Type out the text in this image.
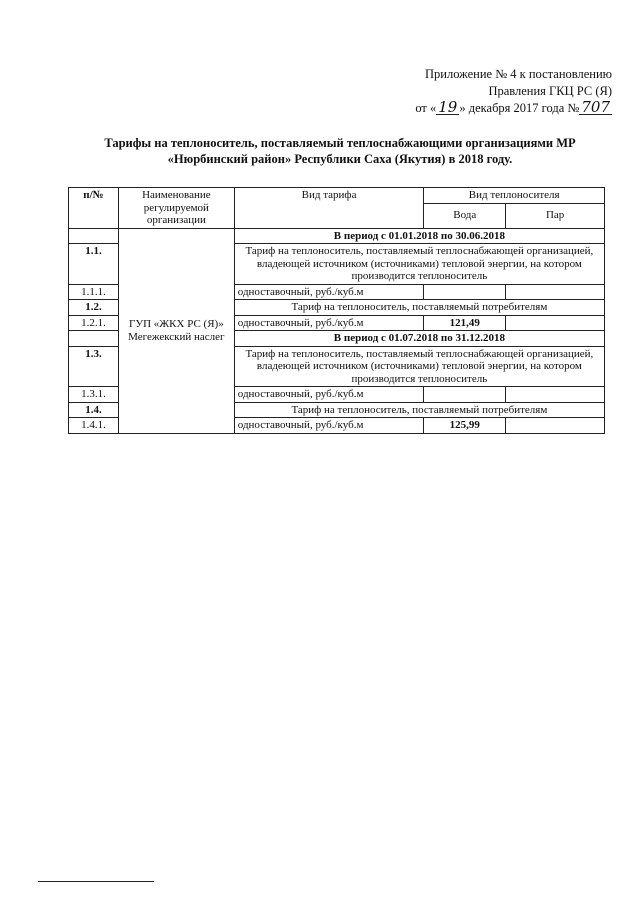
Приложение № 4 к постановлению
Правления ГКЦ РС (Я)
от « 19 » декабря 2017 года № 707
Тарифы на теплоноситель, поставляемый теплоснабжающими организациями МР
«Нюрбинский район» Республики Саха (Якутия) в 2018 году.
п/№	Наименование регулируемой организации	Вид тарифа	Вид теплоносителя	
			Вода	Пар
	ГУП «ЖКХ РС (Я)» Мегежекский наслег	В период с 01.01.2018 по 30.06.2018		
1.1.		Тариф на теплоноситель, поставляемый теплоснабжающей организацией, владеющей источником (источниками) тепловой энергии, на котором производится теплоноситель		
1.1.1.		одноставочный, руб./куб.м		
1.2.		Тариф на теплоноситель, поставляемый потребителям		
1.2.1.		одноставочный, руб./куб.м	121,49	
		В период с 01.07.2018 по 31.12.2018		
1.3.		Тариф на теплоноситель, поставляемый теплоснабжающей организацией, владеющей источником (источниками) тепловой энергии, на котором производится теплоноситель		
1.3.1.		одноставочный, руб./куб.м		
1.4.		Тариф на теплоноситель, поставляемый потребителям		
1.4.1.		одноставочный, руб./куб.м	125,99	
